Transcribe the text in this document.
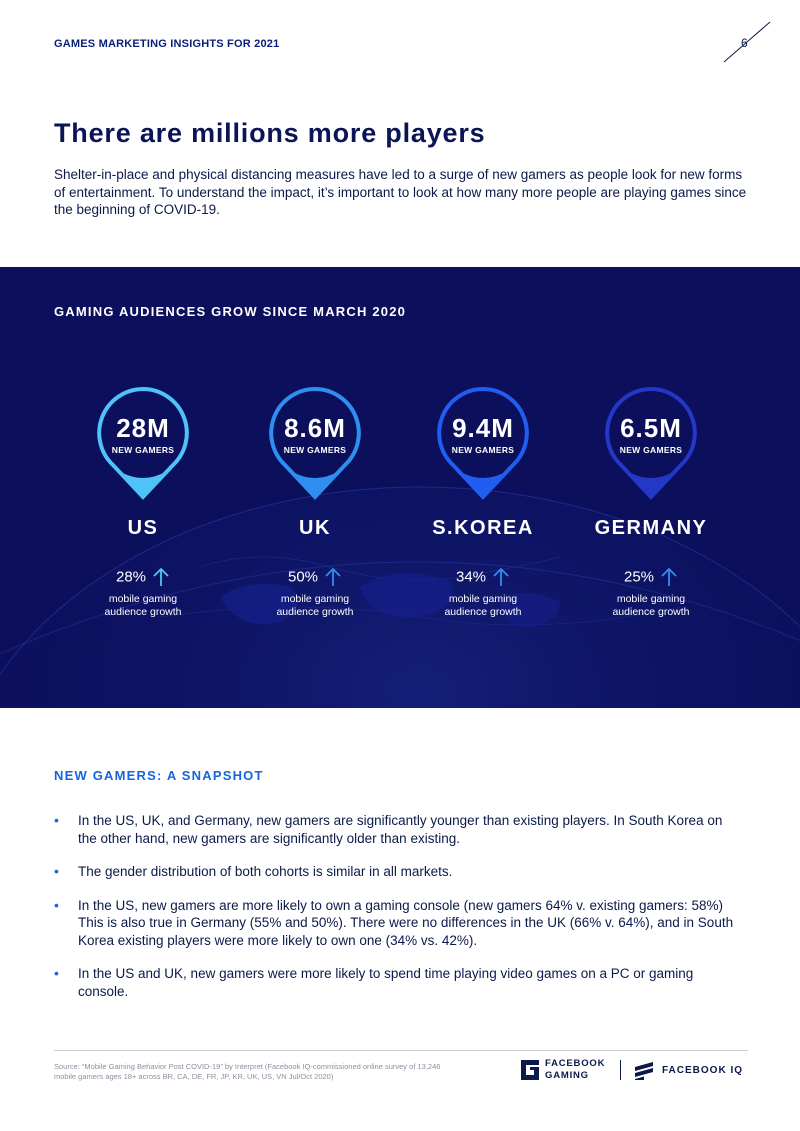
GAMES MARKETING INSIGHTS FOR 2021	6
There are millions more players

Shelter-in-place and physical distancing measures have led to a surge of new gamers as people look for new forms of entertainment. To understand the impact, it’s important to look at how many more people are playing games since the beginning of COVID-19.

GAMING AUDIENCES GROW SINCE MARCH 2020
28M
NEW GAMERS
US
28%
mobile gaming
audience growth
8.6M
NEW GAMERS
UK
50%
mobile gaming
audience growth
9.4M
NEW GAMERS
S.KOREA
34%
mobile gaming
audience growth
6.5M
NEW GAMERS
GERMANY
25%
mobile gaming
audience growth
NEW GAMERS: A SNAPSHOT
• In the US, UK, and Germany, new gamers are significantly younger than existing players. In South Korea on the other hand, new gamers are significantly older than existing.
• The gender distribution of both cohorts is similar in all markets.
• In the US, new gamers are more likely to own a gaming console (new gamers 64% v. existing gamers: 58%) This is also true in Germany (55% and 50%). There were no differences in the UK (66% v. 64%), and in South Korea existing players were more likely to own one (34% vs. 42%).
• In the US and UK, new gamers were more likely to spend time playing video games on a PC or gaming console.
Source: “Mobile Gaming Behavior Post COVID-19” by Interpret (Facebook IQ-commissioned online survey of 13,246 mobile gamers ages 18+ across BR, CA, DE, FR, JP, KR, UK, US, VN Jul/Oct 2020)
FACEBOOK
GAMING	FACEBOOK IQ
